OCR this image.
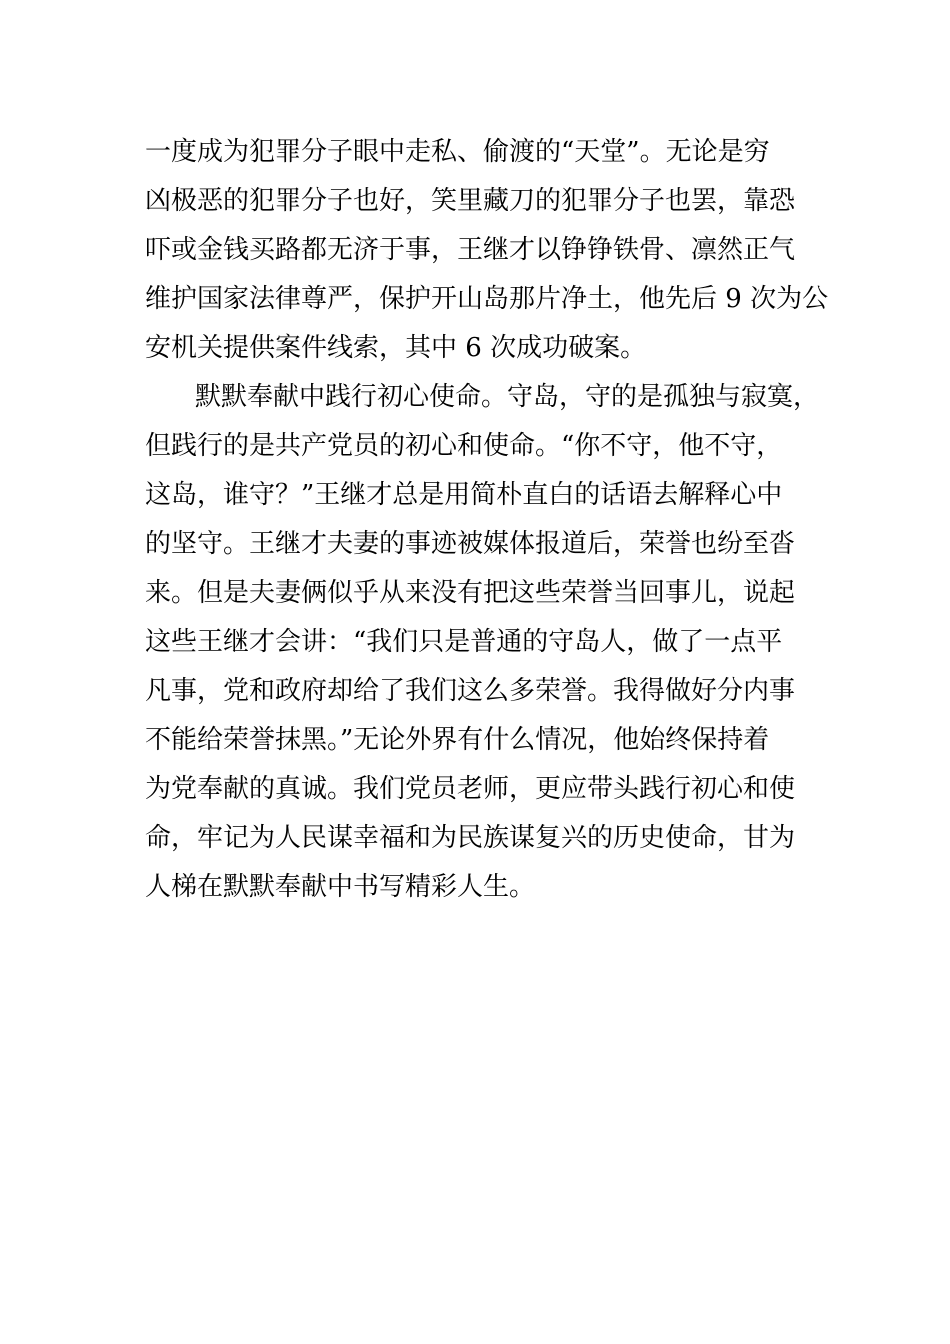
一度成为犯罪分子眼中走私、偷渡的“天堂”。无论是穷
凶极恶的犯罪分子也好，笑里藏刀的犯罪分子也罢，靠恐
吓或金钱买路都无济于事，王继才以铮铮铁骨、凛然正气
维护国家法律尊严，保护开山岛那片净土，他先后 9 次为公
安机关提供案件线索，其中 6 次成功破案。
默默奉献中践行初心使命。守岛，守的是孤独与寂寞，
但践行的是共产党员的初心和使命。“你不守，他不守，
这岛，谁守？”王继才总是用简朴直白的话语去解释心中
的坚守。王继才夫妻的事迹被媒体报道后，荣誉也纷至沓
来。但是夫妻俩似乎从来没有把这些荣誉当回事儿，说起
这些王继才会讲：“我们只是普通的守岛人，做了一点平
凡事，党和政府却给了我们这么多荣誉。我得做好分内事
不能给荣誉抹黑。”无论外界有什么情况，他始终保持着
为党奉献的真诚。我们党员老师，更应带头践行初心和使
命，牢记为人民谋幸福和为民族谋复兴的历史使命，甘为
人梯在默默奉献中书写精彩人生。
